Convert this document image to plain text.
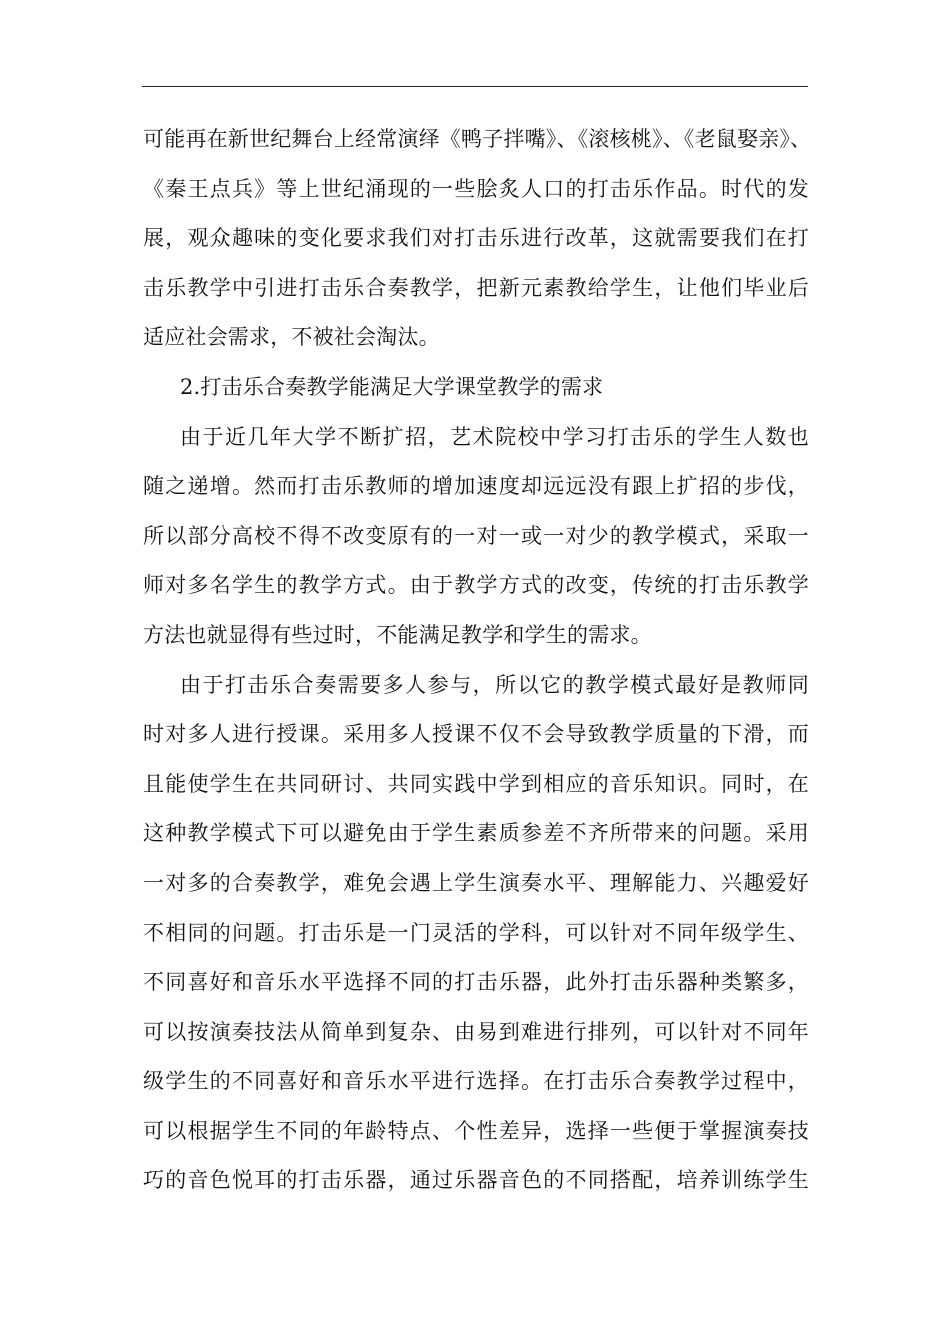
可能再在新世纪舞台上经常演绎《鸭子拌嘴》、《滚核桃》、《老鼠娶亲》、
《秦王点兵》等上世纪涌现的一些脍炙人口的打击乐作品。时代的发
展，观众趣味的变化要求我们对打击乐进行改革，这就需要我们在打
击乐教学中引进打击乐合奏教学，把新元素教给学生，让他们毕业后
适应社会需求，不被社会淘汰。
2.打击乐合奏教学能满足大学课堂教学的需求
由于近几年大学不断扩招，艺术院校中学习打击乐的学生人数也
随之递增。然而打击乐教师的增加速度却远远没有跟上扩招的步伐，
所以部分高校不得不改变原有的一对一或一对少的教学模式，采取一
师对多名学生的教学方式。由于教学方式的改变，传统的打击乐教学
方法也就显得有些过时，不能满足教学和学生的需求。
由于打击乐合奏需要多人参与，所以它的教学模式最好是教师同
时对多人进行授课。采用多人授课不仅不会导致教学质量的下滑，而
且能使学生在共同研讨、共同实践中学到相应的音乐知识。同时，在
这种教学模式下可以避免由于学生素质参差不齐所带来的问题。采用
一对多的合奏教学，难免会遇上学生演奏水平、理解能力、兴趣爱好
不相同的问题。打击乐是一门灵活的学科，可以针对不同年级学生、
不同喜好和音乐水平选择不同的打击乐器，此外打击乐器种类繁多，
可以按演奏技法从简单到复杂、由易到难进行排列，可以针对不同年
级学生的不同喜好和音乐水平进行选择。在打击乐合奏教学过程中，
可以根据学生不同的年龄特点、个性差异，选择一些便于掌握演奏技
巧的音色悦耳的打击乐器，通过乐器音色的不同搭配，培养训练学生
